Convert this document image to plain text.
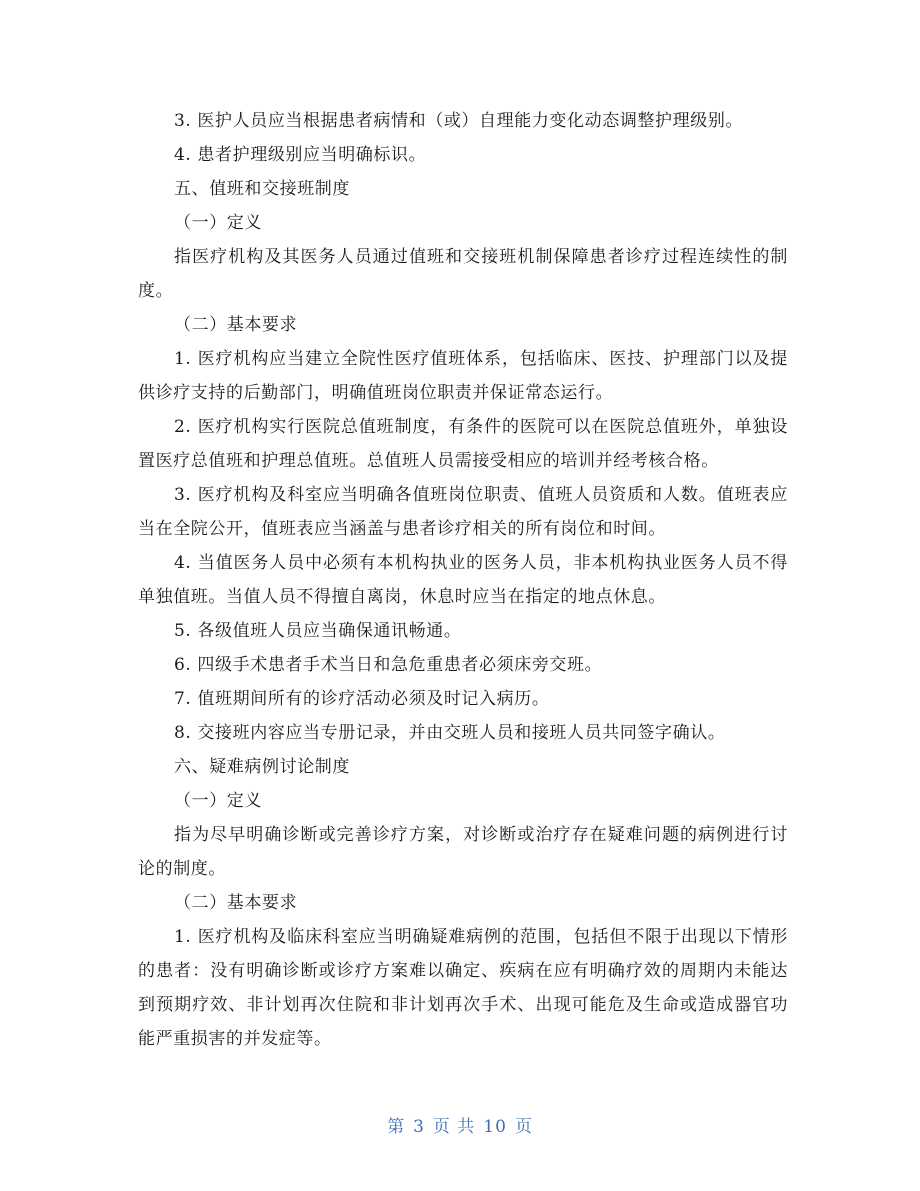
3. 医护人员应当根据患者病情和（或）自理能力变化动态调整护理级别。

4. 患者护理级别应当明确标识。

五、值班和交接班制度

（一）定义

指医疗机构及其医务人员通过值班和交接班机制保障患者诊疗过程连续性的制度。

（二）基本要求

1. 医疗机构应当建立全院性医疗值班体系，包括临床、医技、护理部门以及提供诊疗支持的后勤部门，明确值班岗位职责并保证常态运行。

2. 医疗机构实行医院总值班制度，有条件的医院可以在医院总值班外，单独设置医疗总值班和护理总值班。总值班人员需接受相应的培训并经考核合格。

3. 医疗机构及科室应当明确各值班岗位职责、值班人员资质和人数。值班表应当在全院公开，值班表应当涵盖与患者诊疗相关的所有岗位和时间。

4. 当值医务人员中必须有本机构执业的医务人员，非本机构执业医务人员不得单独值班。当值人员不得擅自离岗，休息时应当在指定的地点休息。

5. 各级值班人员应当确保通讯畅通。

6. 四级手术患者手术当日和急危重患者必须床旁交班。

7. 值班期间所有的诊疗活动必须及时记入病历。

8. 交接班内容应当专册记录，并由交班人员和接班人员共同签字确认。

六、疑难病例讨论制度

（一）定义

指为尽早明确诊断或完善诊疗方案，对诊断或治疗存在疑难问题的病例进行讨论的制度。

（二）基本要求

1. 医疗机构及临床科室应当明确疑难病例的范围，包括但不限于出现以下情形的患者：没有明确诊断或诊疗方案难以确定、疾病在应有明确疗效的周期内未能达到预期疗效、非计划再次住院和非计划再次手术、出现可能危及生命或造成器官功能严重损害的并发症等。

第 3 页 共 10 页
